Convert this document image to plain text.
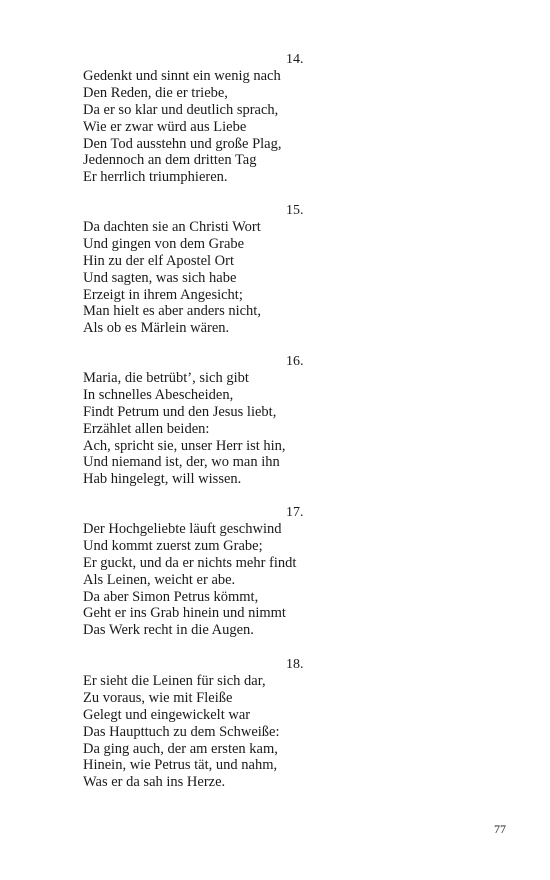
14.
Gedenkt und sinnt ein wenig nach
Den Reden, die er triebe,
Da er so klar und deutlich sprach,
Wie er zwar würd aus Liebe
Den Tod ausstehn und große Plag,
Jedennoch an dem dritten Tag
Er herrlich triumphieren.
15.
Da dachten sie an Christi Wort
Und gingen von dem Grabe
Hin zu der elf Apostel Ort
Und sagten, was sich habe
Erzeigt in ihrem Angesicht;
Man hielt es aber anders nicht,
Als ob es Märlein wären.
16.
Maria, die betrübt’, sich gibt
In schnelles Abescheiden,
Findt Petrum und den Jesus liebt,
Erzählet allen beiden:
Ach, spricht sie, unser Herr ist hin,
Und niemand ist, der, wo man ihn
Hab hingelegt, will wissen.
17.
Der Hochgeliebte läuft geschwind
Und kommt zuerst zum Grabe;
Er guckt, und da er nichts mehr findt
Als Leinen, weicht er abe.
Da aber Simon Petrus kömmt,
Geht er ins Grab hinein und nimmt
Das Werk recht in die Augen.
18.
Er sieht die Leinen für sich dar,
Zu voraus, wie mit Fleiße
Gelegt und eingewickelt war
Das Haupttuch zu dem Schweiße:
Da ging auch, der am ersten kam,
Hinein, wie Petrus tät, und nahm,
Was er da sah ins Herze.
77
